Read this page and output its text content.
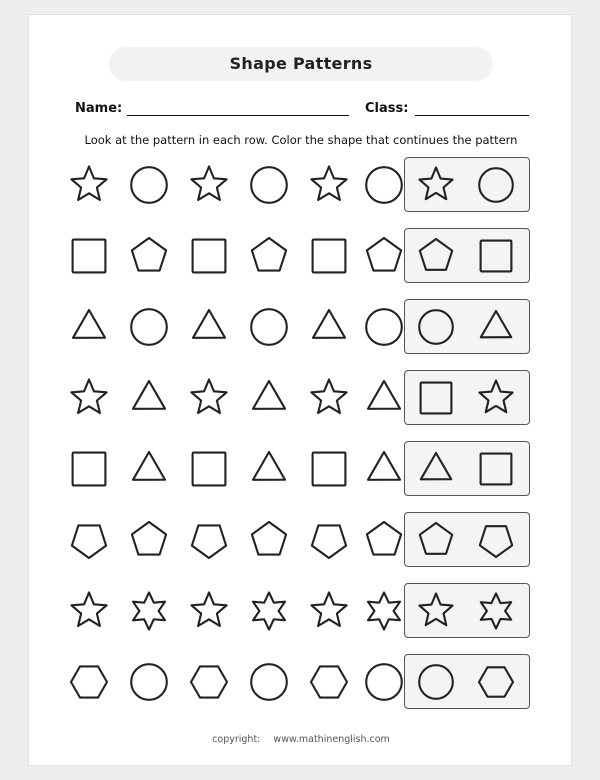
Shape Patterns
Name:	Class:
Look at the pattern in each row. Color the shape that continues the pattern
copyright: www.mathinenglish.com
